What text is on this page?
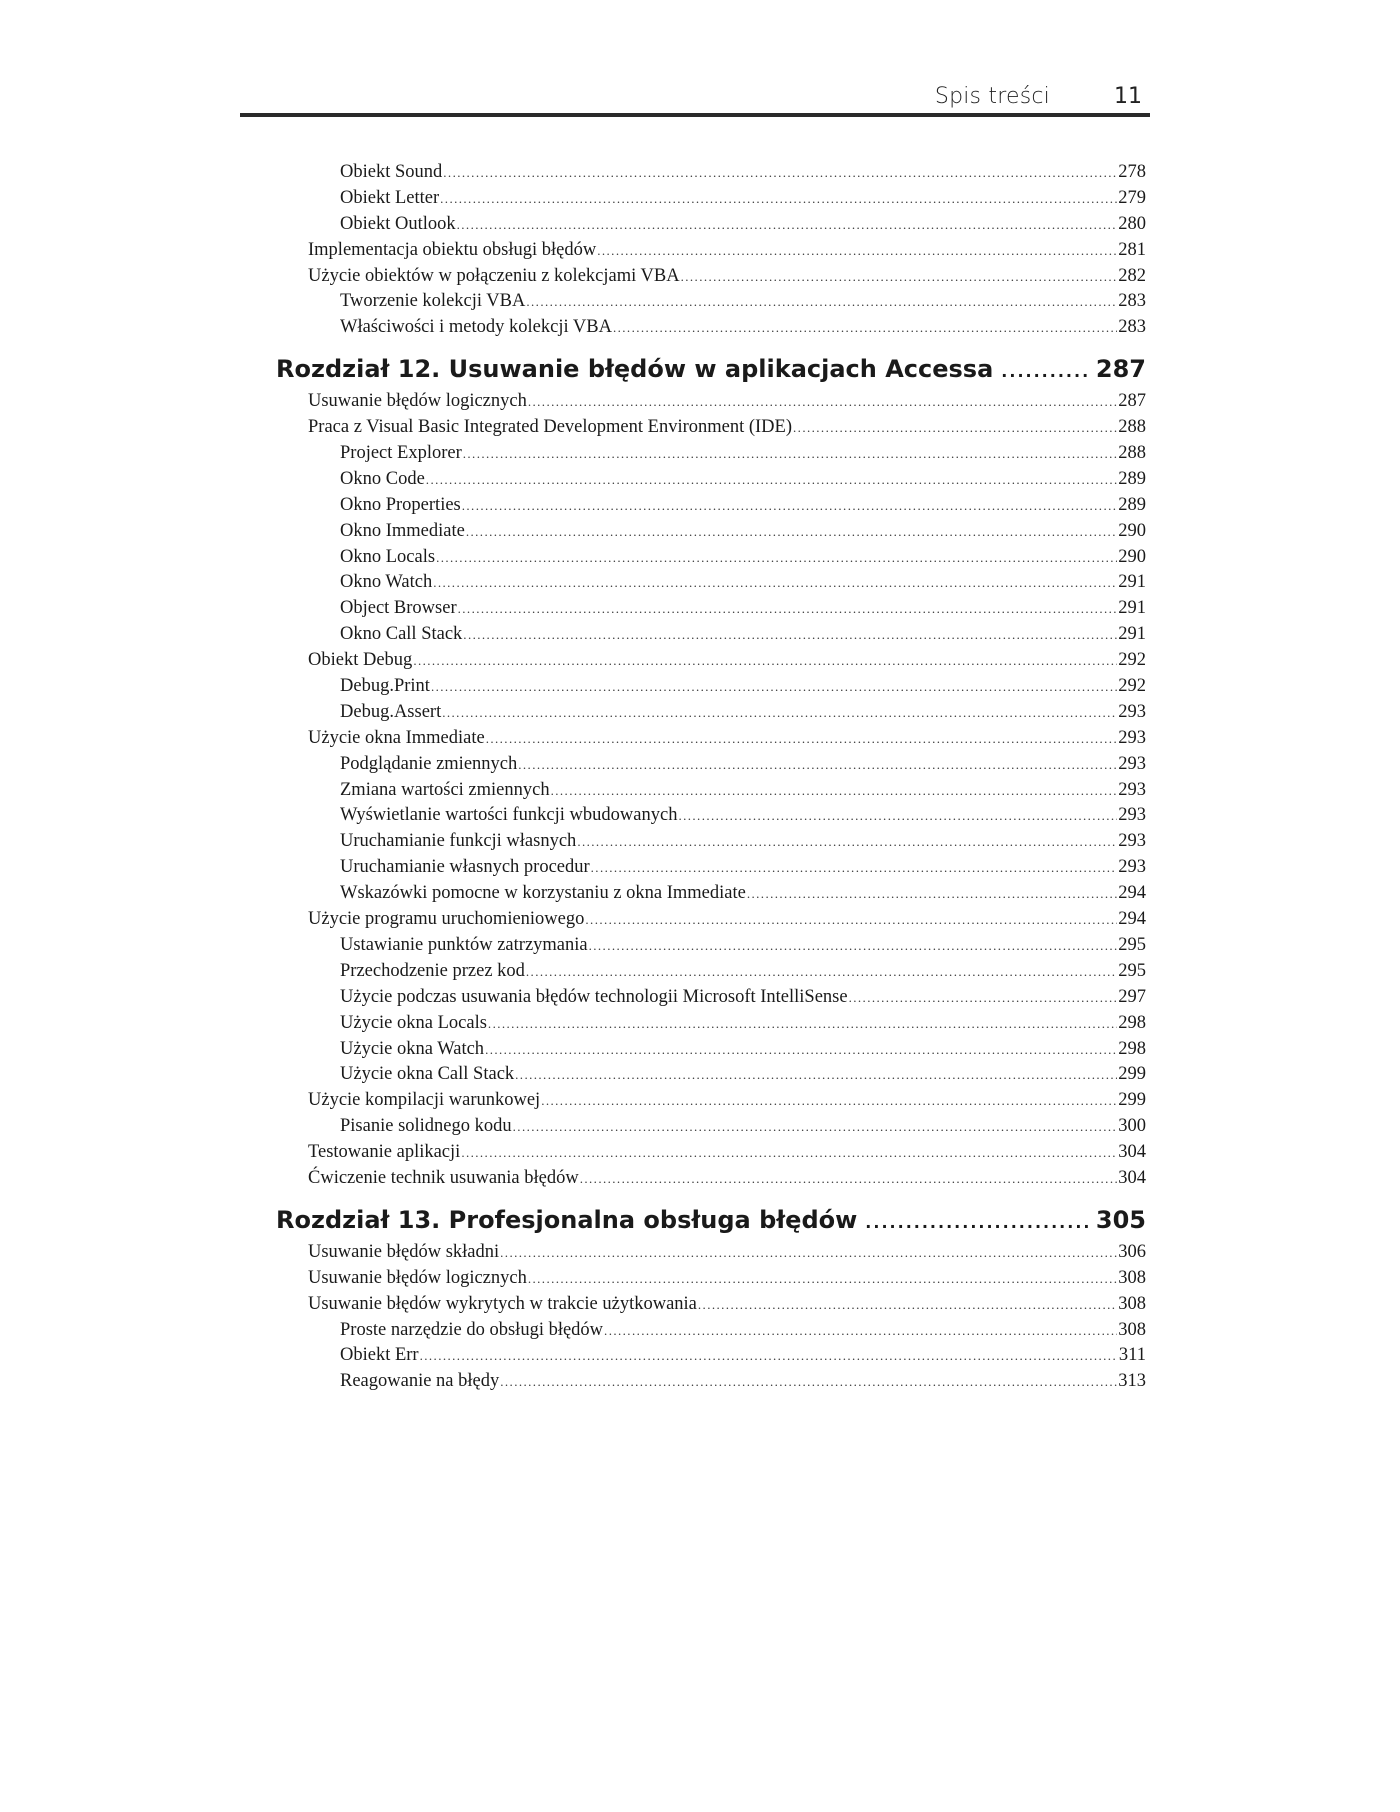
Spis treści	11
Obiekt Sound .....	278
Obiekt Letter .....	279
Obiekt Outlook .....	280
Implementacja obiektu obsługi błędów .....	281
Użycie obiektów w połączeniu z kolekcjami VBA .....	282
Tworzenie kolekcji VBA .....	283
Właściwości i metody kolekcji VBA .....	283
Rozdział 12. Usuwanie błędów w aplikacjach Accessa .....	287
Usuwanie błędów logicznych .....	287
Praca z Visual Basic Integrated Development Environment (IDE) .....	288
Project Explorer .....	288
Okno Code .....	289
Okno Properties .....	289
Okno Immediate .....	290
Okno Locals .....	290
Okno Watch .....	291
Object Browser .....	291
Okno Call Stack .....	291
Obiekt Debug .....	292
Debug.Print .....	292
Debug.Assert .....	293
Użycie okna Immediate .....	293
Podglądanie zmiennych .....	293
Zmiana wartości zmiennych .....	293
Wyświetlanie wartości funkcji wbudowanych .....	293
Uruchamianie funkcji własnych .....	293
Uruchamianie własnych procedur .....	293
Wskazówki pomocne w korzystaniu z okna Immediate .....	294
Użycie programu uruchomieniowego .....	294
Ustawianie punktów zatrzymania .....	295
Przechodzenie przez kod .....	295
Użycie podczas usuwania błędów technologii Microsoft IntelliSense .....	297
Użycie okna Locals .....	298
Użycie okna Watch .....	298
Użycie okna Call Stack .....	299
Użycie kompilacji warunkowej .....	299
Pisanie solidnego kodu .....	300
Testowanie aplikacji .....	304
Ćwiczenie technik usuwania błędów .....	304
Rozdział 13. Profesjonalna obsługa błędów .....	305
Usuwanie błędów składni .....	306
Usuwanie błędów logicznych .....	308
Usuwanie błędów wykrytych w trakcie użytkowania .....	308
Proste narzędzie do obsługi błędów .....	308
Obiekt Err .....	311
Reagowanie na błędy .....	313
